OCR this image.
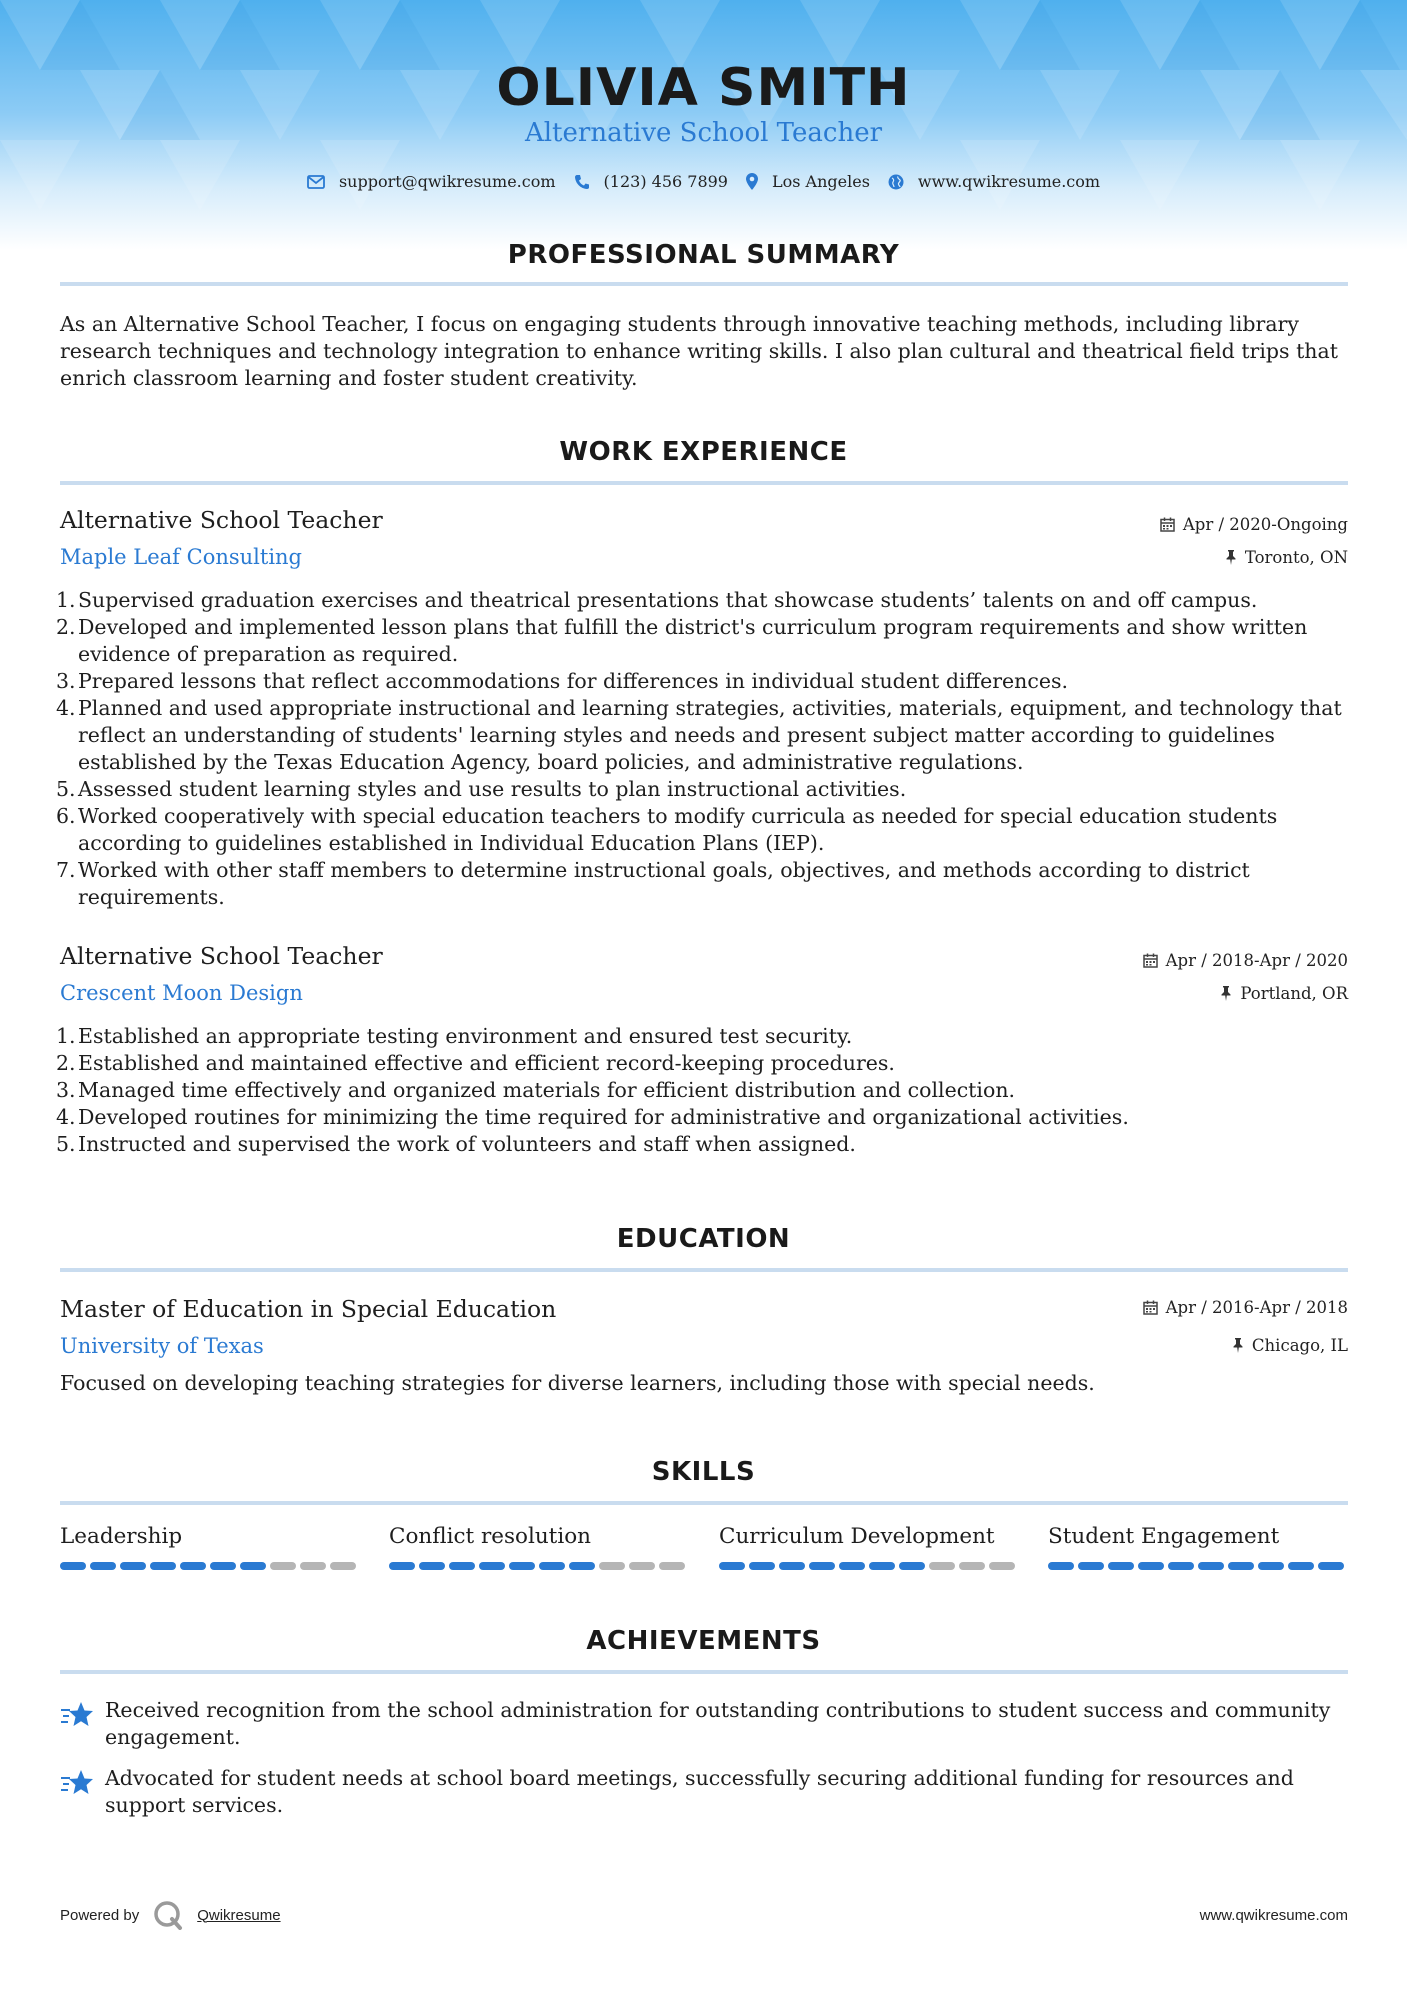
OLIVIA SMITH
Alternative School Teacher
support@qwikresume.com	(123) 456 7899	Los Angeles	www.qwikresume.com
PROFESSIONAL SUMMARY
As an Alternative School Teacher, I focus on engaging students through innovative teaching methods, including library research techniques and technology integration to enhance writing skills. I also plan cultural and theatrical field trips that enrich classroom learning and foster student creativity.
WORK EXPERIENCE
Alternative School Teacher
Maple Leaf Consulting
Apr / 2020-Ongoing
Toronto, ON
1. Supervised graduation exercises and theatrical presentations that showcase students’ talents on and off campus.
2. Developed and implemented lesson plans that fulfill the district's curriculum program requirements and show written evidence of preparation as required.
3. Prepared lessons that reflect accommodations for differences in individual student differences.
4. Planned and used appropriate instructional and learning strategies, activities, materials, equipment, and technology that reflect an understanding of students' learning styles and needs and present subject matter according to guidelines established by the Texas Education Agency, board policies, and administrative regulations.
5. Assessed student learning styles and use results to plan instructional activities.
6. Worked cooperatively with special education teachers to modify curricula as needed for special education students according to guidelines established in Individual Education Plans (IEP).
7. Worked with other staff members to determine instructional goals, objectives, and methods according to district requirements.
Alternative School Teacher
Crescent Moon Design
Apr / 2018-Apr / 2020
Portland, OR
1. Established an appropriate testing environment and ensured test security.
2. Established and maintained effective and efficient record-keeping procedures.
3. Managed time effectively and organized materials for efficient distribution and collection.
4. Developed routines for minimizing the time required for administrative and organizational activities.
5. Instructed and supervised the work of volunteers and staff when assigned.
EDUCATION
Master of Education in Special Education
University of Texas
Apr / 2016-Apr / 2018
Chicago, IL
Focused on developing teaching strategies for diverse learners, including those with special needs.
SKILLS
Leadership	Conflict resolution	Curriculum Development	Student Engagement
ACHIEVEMENTS
Received recognition from the school administration for outstanding contributions to student success and community engagement.
Advocated for student needs at school board meetings, successfully securing additional funding for resources and support services.
Powered by	Qwikresume	www.qwikresume.com
